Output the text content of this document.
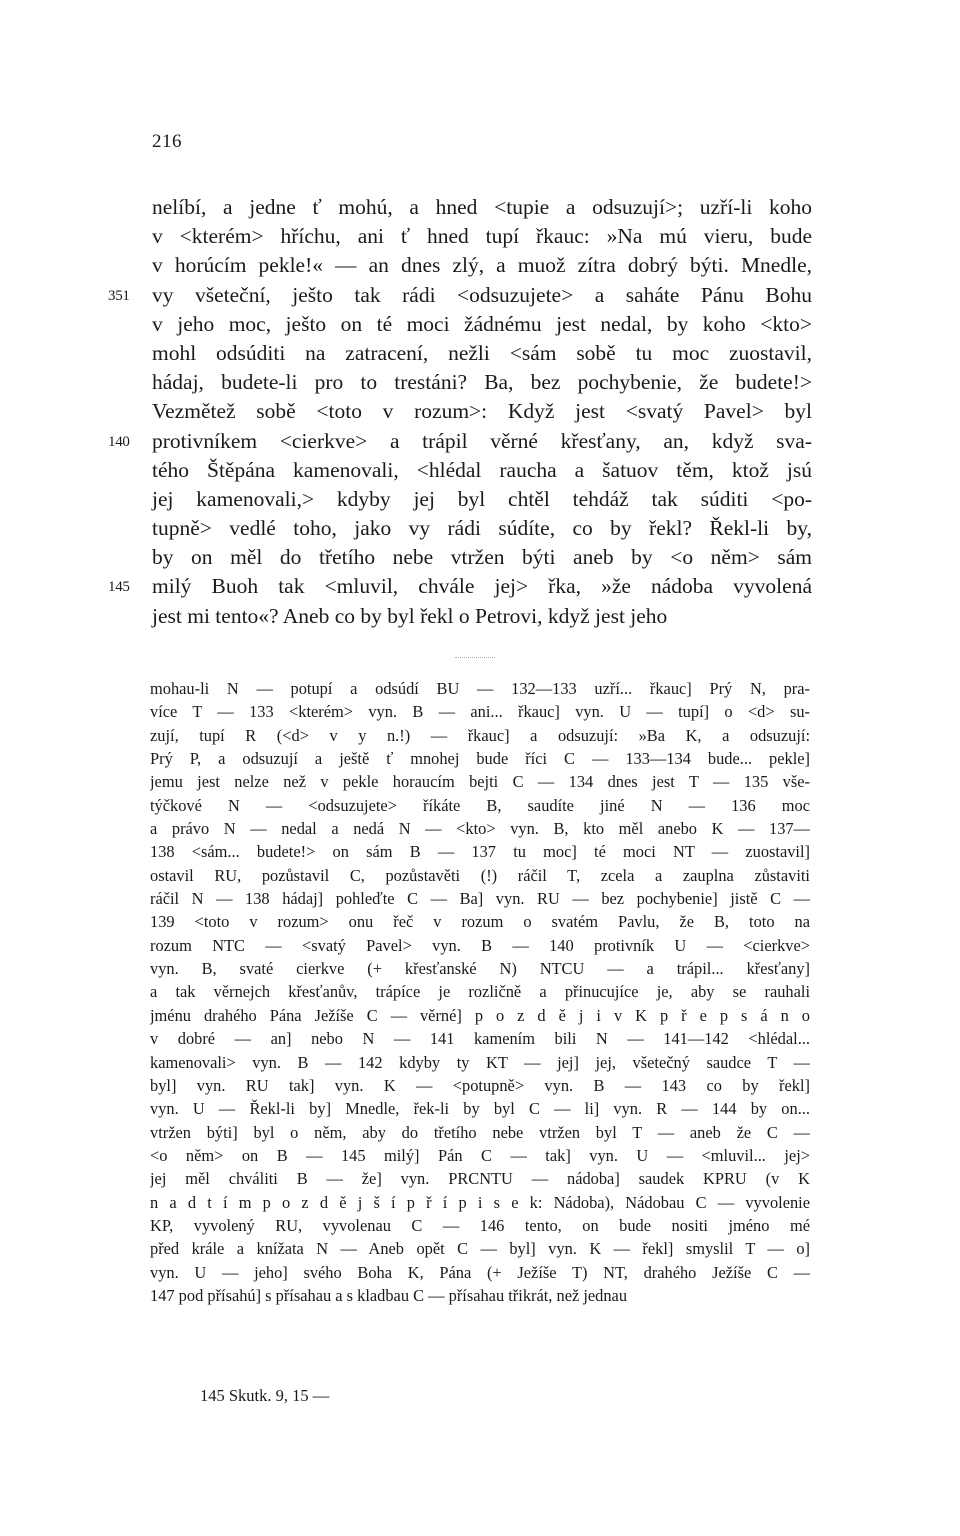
216
nelíbí, a jedne ť mohú, a hned <tupie a odsuzují>; uzří-li koho
v <kterém> hříchu, ani ť hned tupí řkauc: »Na mú vieru, bude
v horúcím pekle!« — an dnes zlý, a muož zítra dobrý býti. Mnedle,
351	vy všeteční, ješto tak rádi <odsuzujete> a saháte Pánu Bohu
v jeho moc, ješto on té moci žádnému jest nedal, by koho <kto>
mohl odsúditi na zatracení, nežli <sám sobě tu moc zuostavil,
hádaj, budete-li pro to trestáni? Ba, bez pochybenie, že budete!>
Vezmětež sobě <toto v rozum>: Když jest <svatý Pavel> byl
140	protivníkem <cierkve> a trápil věrné křesťany, an, když sva-
tého Štěpána kamenovali, <hlédal raucha a šatuov těm, ktož jsú
jej kamenovali,> kdyby jej byl chtěl tehdáž tak súditi <po-
tupně> vedlé toho, jako vy rádi súdíte, co by řekl? Řekl-li by,
by on měl do třetího nebe vtržen býti aneb by <o něm> sám
145	milý Buoh tak <mluvil, chvále jej> řka, »že nádoba vyvolená
jest mi tento«? Aneb co by byl řekl o Petrovi, když jest jeho
mohau-li N — potupí a odsúdí BU — 132—133 uzří... řkauc] Prý N, pra-
více T — 133 <kterém> vyn. B — ani... řkauc] vyn. U — tupí] o <d> su-
zují, tupí R (<d> v y n.!) — řkauc] a odsuzují: »Ba K, a odsuzují:
Prý P, a odsuzují a ještě ť mnohej bude říci C — 133—134 bude... pekle]
jemu jest nelze než v pekle horaucím bejti C — 134 dnes jest T — 135 vše-
týčkové N — <odsuzujete> říkáte B, saudíte jiné N — 136 moc
a právo N — nedal a nedá N — <kto> vyn. B, kto měl anebo K — 137—
138 <sám... budete!> on sám B — 137 tu moc] té moci NT — zuostavil]
ostavil RU, pozůstavil C, pozůstavěti (!) ráčil T, zcela a zauplna zůstaviti
ráčil N — 138 hádaj] pohleďte C — Ba] vyn. RU — bez pochybenie] jistě C —
139 <toto v rozum> onu řeč v rozum o svatém Pavlu, že B, toto na
rozum NTC — <svatý Pavel> vyn. B — 140 protivník U — <cierkve>
vyn. B, svaté cierkve (+ křesťanské N) NTCU — a trápil... křesťany]
a tak věrnejch křesťanův, trápíce je rozličně a přinucujíce je, aby se rauhali
jménu drahého Pána Ježíše C — věrné] p o z d ě j i v K p ř e p s á n o
v dobré — an] nebo N — 141 kamením bili N — 141—142 <hlédal...
kamenovali> vyn. B — 142 kdyby ty KT — jej] jej, všetečný saudce T —
byl] vyn. RU tak] vyn. K — <potupně> vyn. B — 143 co by řekl]
vyn. U — Řekl-li by] Mnedle, řek-li by byl C — li] vyn. R — 144 by on...
vtržen býti] byl o něm, aby do třetího nebe vtržen byl T — aneb že C —
<o něm> on B — 145 milý] Pán C — tak] vyn. U — <mluvil... jej>
jej měl chváliti B — že] vyn. PRCNTU — nádoba] saudek KPRU (v K
n a d t í m p o z d ě j š í p ř í p i s e k: Nádoba), Nádobau C — vyvolenie
KP, vyvolený RU, vyvolenau C — 146 tento, on bude nositi jméno mé
před krále a knížata N — Aneb opět C — byl] vyn. K — řekl] smyslil T — o]
vyn. U — jeho] svého Boha K, Pána (+ Ježíše T) NT, drahého Ježíše C —
147 pod přísahú] s přísahau a s kladbau C — přísahau třikrát, než jednau
145 Skutk. 9, 15 —
